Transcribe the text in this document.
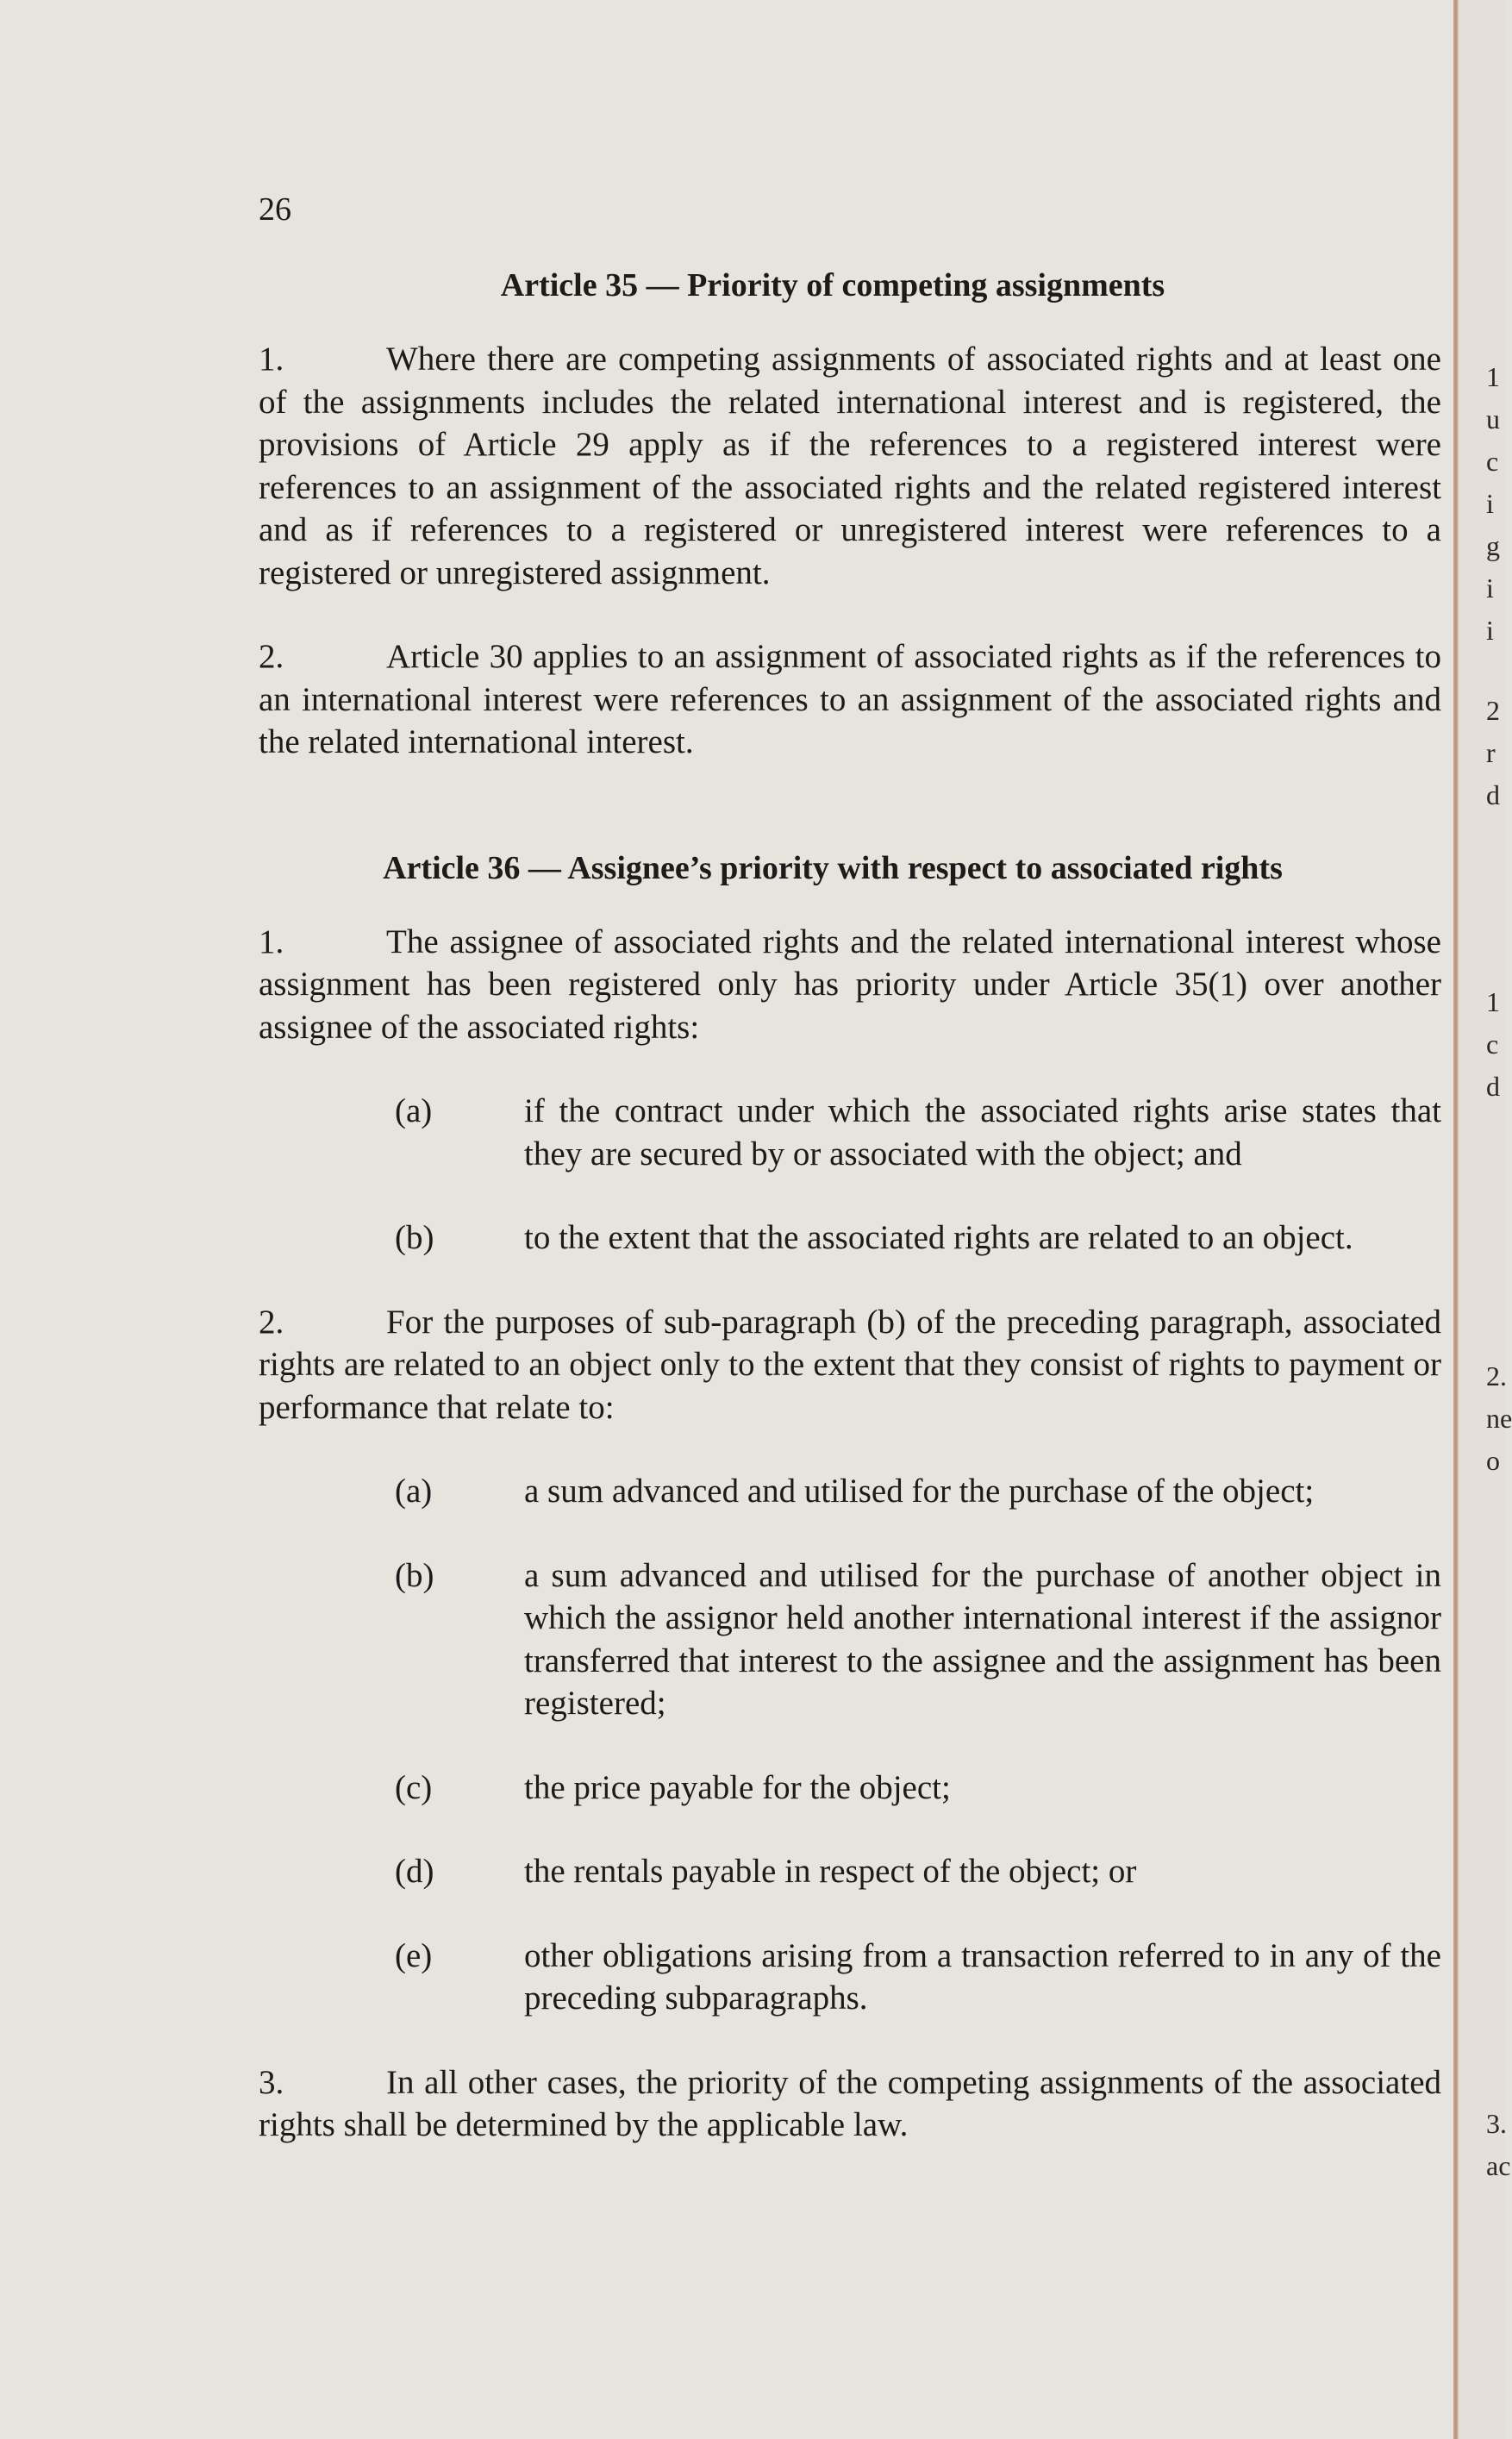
26
Article 35 — Priority of competing assignments

1.	Where there are competing assignments of associated rights and at least one of the assignments includes the related international interest and is registered, the provisions of Article 29 apply as if the references to a registered interest were references to an assignment of the associated rights and the related registered interest and as if references to a registered or unregistered interest were references to a registered or unregistered assignment.

2.	Article 30 applies to an assignment of associated rights as if the references to an international interest were references to an assignment of the associated rights and the related international interest.

Article 36 — Assignee’s priority with respect to associated rights

1.	The assignee of associated rights and the related international interest whose assignment has been registered only has priority under Article 35(1) over another assignee of the associated rights:

(a)	if the contract under which the associated rights arise states that they are secured by or associated with the object; and
(b)	to the extent that the associated rights are related to an object.

2.	For the purposes of sub-paragraph (b) of the preceding paragraph, associated rights are related to an object only to the extent that they consist of rights to payment or performance that relate to:

(a)	a sum advanced and utilised for the purchase of the object;
(b)	a sum advanced and utilised for the purchase of another object in which the assignor held another international interest if the assignor transferred that interest to the assignee and the assignment has been registered;
(c)	the price payable for the object;
(d)	the rentals payable in respect of the object; or
(e)	other obligations arising from a transaction referred to in any of the preceding subparagraphs.

3.	In all other cases, the priority of the competing assignments of the associated rights shall be determined by the applicable law.

1
u
c
i
g
i
i
2
r
d
1
c
d
2.
ne
o
3.
ac
